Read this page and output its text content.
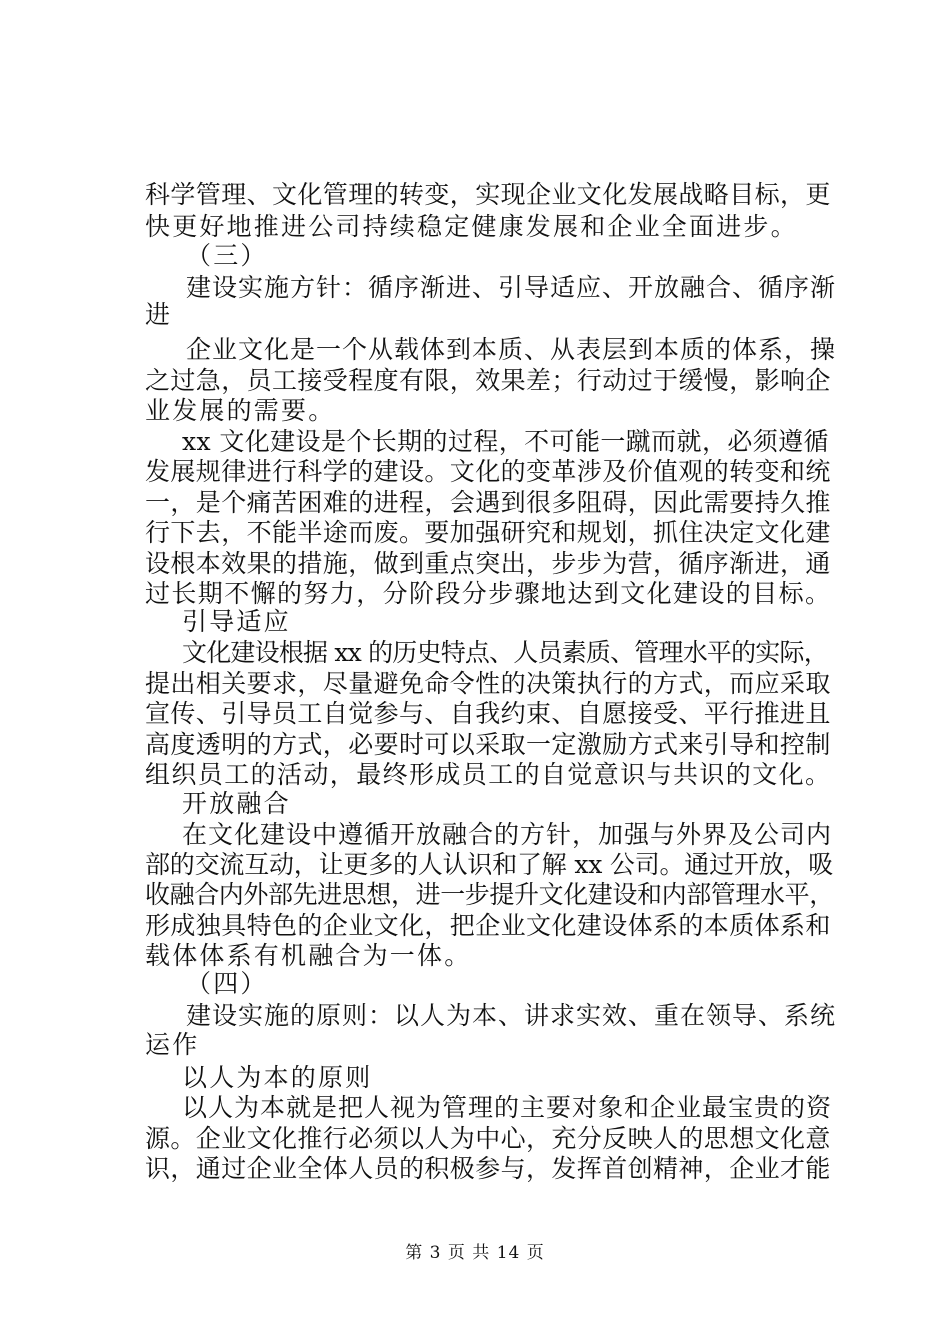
科学管理、文化管理的转变，实现企业文化发展战略目标，更
快更好地推进公司持续稳定健康发展和企业全面进步。
（三）
建设实施方针：循序渐进、引导适应、开放融合、循序渐
进
企业文化是一个从载体到本质、从表层到本质的体系，操
之过急，员工接受程度有限，效果差；行动过于缓慢，影响企
业发展的需要。
xx 文化建设是个长期的过程，不可能一蹴而就，必须遵循
发展规律进行科学的建设。文化的变革涉及价值观的转变和统
一，是个痛苦困难的进程，会遇到很多阻碍，因此需要持久推
行下去，不能半途而废。要加强研究和规划，抓住决定文化建
设根本效果的措施，做到重点突出，步步为营，循序渐进，通
过长期不懈的努力，分阶段分步骤地达到文化建设的目标。
引导适应
文化建设根据 xx 的历史特点、人员素质、管理水平的实际，
提出相关要求，尽量避免命令性的决策执行的方式，而应采取
宣传、引导员工自觉参与、自我约束、自愿接受、平行推进且
高度透明的方式，必要时可以采取一定激励方式来引导和控制
组织员工的活动，最终形成员工的自觉意识与共识的文化。
开放融合
在文化建设中遵循开放融合的方针，加强与外界及公司内
部的交流互动，让更多的人认识和了解 xx 公司。通过开放，吸
收融合内外部先进思想，进一步提升文化建设和内部管理水平，
形成独具特色的企业文化，把企业文化建设体系的本质体系和
载体体系有机融合为一体。
（四）
建设实施的原则：以人为本、讲求实效、重在领导、系统
运作
以人为本的原则
以人为本就是把人视为管理的主要对象和企业最宝贵的资
源。企业文化推行必须以人为中心，充分反映人的思想文化意
识，通过企业全体人员的积极参与，发挥首创精神，企业才能
第 3 页 共 14 页
